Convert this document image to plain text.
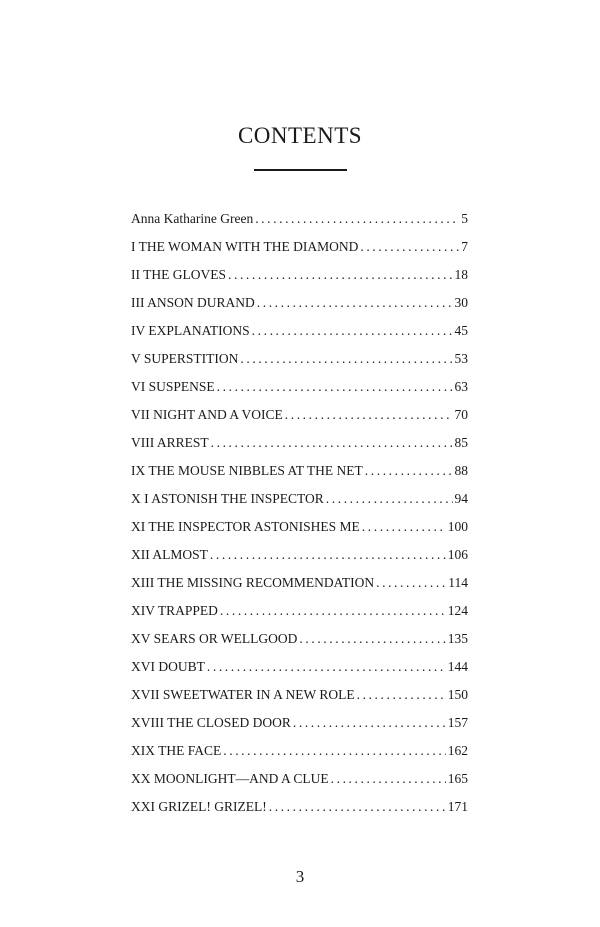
CONTENTS
Anna Katharine Green .....	5
I THE WOMAN WITH THE DIAMOND .....	7
II THE GLOVES .....	18
III ANSON DURAND .....	30
IV EXPLANATIONS .....	45
V SUPERSTITION .....	53
VI SUSPENSE .....	63
VII NIGHT AND A VOICE .....	70
VIII ARREST .....	85
IX THE MOUSE NIBBLES AT THE NET .....	88
X I ASTONISH THE INSPECTOR .....	94
XI THE INSPECTOR ASTONISHES ME .....	100
XII ALMOST .....	106
XIII THE MISSING RECOMMENDATION .....	114
XIV TRAPPED .....	124
XV SEARS OR WELLGOOD .....	135
XVI DOUBT .....	144
XVII SWEETWATER IN A NEW ROLE .....	150
XVIII THE CLOSED DOOR .....	157
XIX THE FACE .....	162
XX MOONLIGHT—AND A CLUE .....	165
XXI GRIZEL! GRIZEL! .....	171
3
